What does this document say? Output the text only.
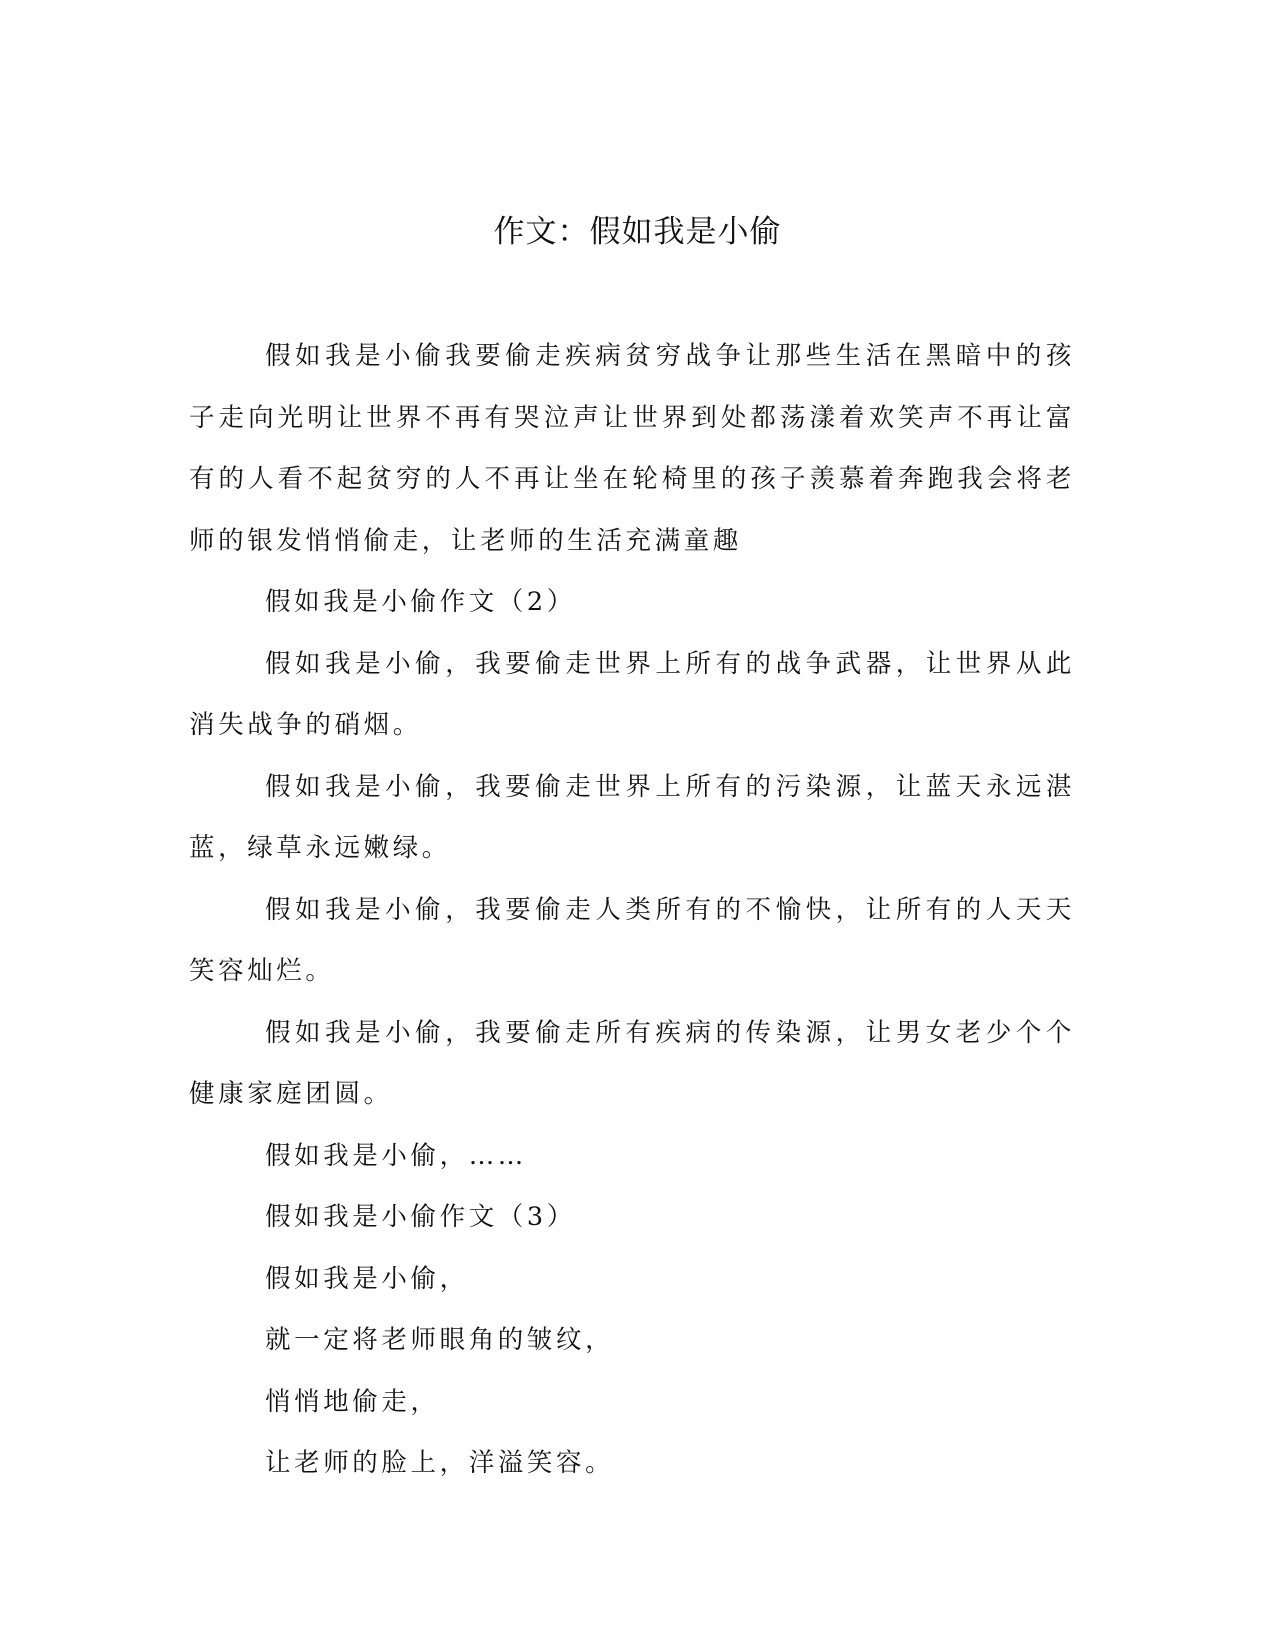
作文：假如我是小偷

假如我是小偷我要偷走疾病贫穷战争让那些生活在黑暗中的孩子走向光明让世界不再有哭泣声让世界到处都荡漾着欢笑声不再让富有的人看不起贫穷的人不再让坐在轮椅里的孩子羡慕着奔跑我会将老师的银发悄悄偷走，让老师的生活充满童趣

假如我是小偷作文（2）

假如我是小偷，我要偷走世界上所有的战争武器，让世界从此消失战争的硝烟。

假如我是小偷，我要偷走世界上所有的污染源，让蓝天永远湛蓝，绿草永远嫩绿。

假如我是小偷，我要偷走人类所有的不愉快，让所有的人天天笑容灿烂。

假如我是小偷，我要偷走所有疾病的传染源，让男女老少个个健康家庭团圆。

假如我是小偷，……

假如我是小偷作文（3）

假如我是小偷，

就一定将老师眼角的皱纹，

悄悄地偷走，

让老师的脸上，洋溢笑容。
